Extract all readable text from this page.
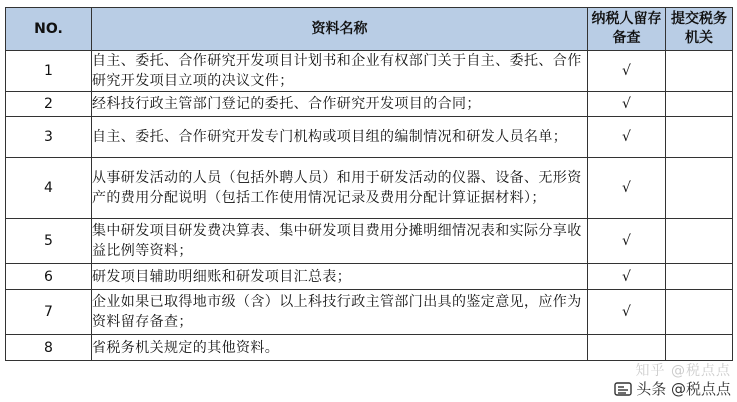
NO.	资料名称	纳税人留存备查	提交税务机关
1	自主、委托、合作研究开发项目计划书和企业有权部门关于自主、委托、合作研究开发项目立项的决议文件；	√	
2	经科技行政主管部门登记的委托、合作研究开发项目的合同；	√	
3	自主、委托、合作研究开发专门机构或项目组的编制情况和研发人员名单；	√	
4	从事研发活动的人员（包括外聘人员）和用于研发活动的仪器、设备、无形资产的费用分配说明（包括工作使用情况记录及费用分配计算证据材料）；	√	
5	集中研发项目研发费决算表、集中研发项目费用分摊明细情况表和实际分享收益比例等资料；	√	
6	研发项目辅助明细账和研发项目汇总表；	√	
7	企业如果已取得地市级（含）以上科技行政主管部门出具的鉴定意见，应作为资料留存备查；	√	
8	省税务机关规定的其他资料。		
知乎 @税点点
头条 @税点点
